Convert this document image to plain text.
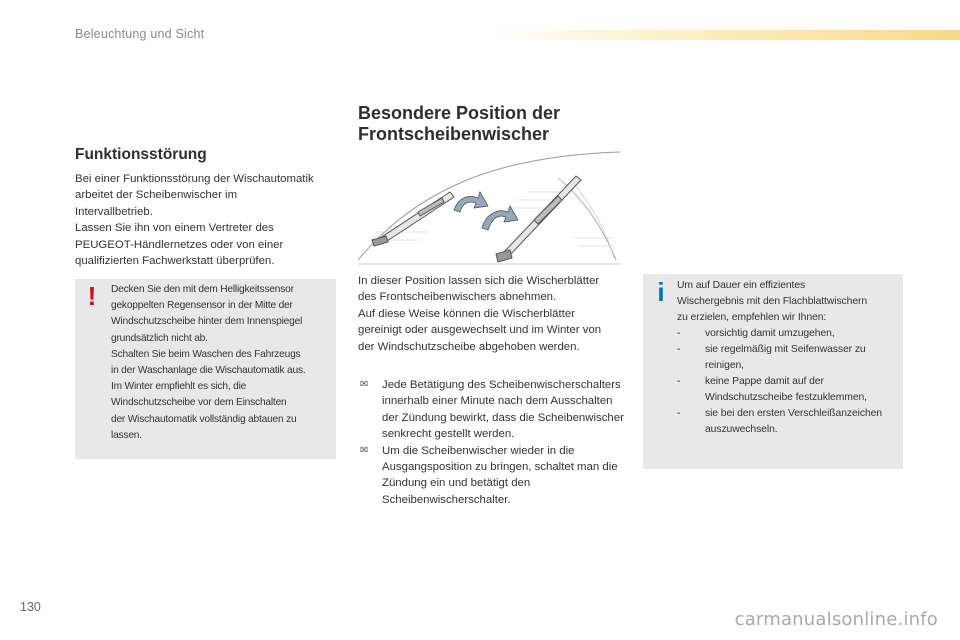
Beleuchtung und Sicht
Funktionsstörung

Bei einer Funktionsstörung der Wischautomatik
arbeitet der Scheibenwischer im
Intervallbetrieb.
Lassen Sie ihn von einem Vertreter des
PEUGEOT-Händlernetzes oder von einer
qualifizierten Fachwerkstatt überprüfen.

! Decken Sie den mit dem Helligkeitssensor
gekoppelten Regensensor in der Mitte der
Windschutzscheibe hinter dem Innenspiegel
grundsätzlich nicht ab.
Schalten Sie beim Waschen des Fahrzeugs
in der Waschanlage die Wischautomatik aus.
Im Winter empfiehlt es sich, die
Windschutzscheibe vor dem Einschalten
der Wischautomatik vollständig abtauen zu
lassen.
Besondere Position der
Frontscheibenwischer

In dieser Position lassen sich die Wischerblätter
des Frontscheibenwischers abnehmen.
Auf diese Weise können die Wischerblätter
gereinigt oder ausgewechselt und im Winter von
der Windschutzscheibe abgehoben werden.

✉ Jede Betätigung des Scheibenwischerschalters innerhalb einer Minute nach dem Ausschalten der Zündung bewirkt, dass die Scheibenwischer senkrecht gestellt werden.
✉ Um die Scheibenwischer wieder in die Ausgangsposition zu bringen, schaltet man die Zündung ein und betätigt den Scheibenwischerschalter.
i	Um auf Dauer ein effizientes
Wischergebnis mit den Flachblattwischern
zu erzielen, empfehlen wir Ihnen:
- vorsichtig damit umzugehen,
- sie regelmäßig mit Seifenwasser zu reinigen,
- keine Pappe damit auf der Windschutzscheibe festzuklemmen,
- sie bei den ersten Verschleißanzeichen auszuwechseln.
130
carmanualsonline.info
